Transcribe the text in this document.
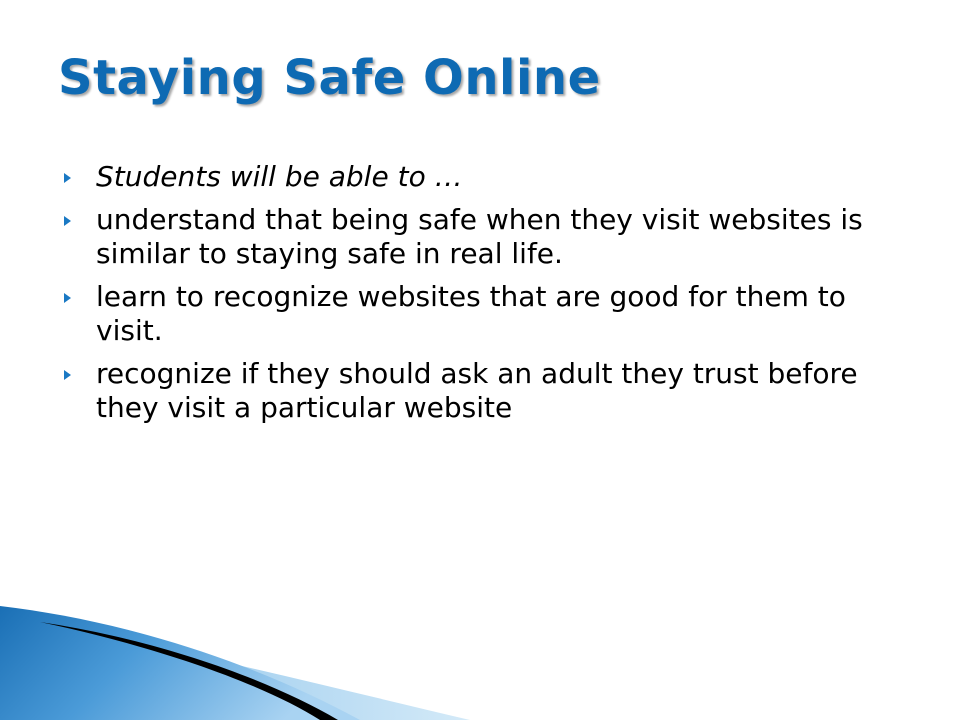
Staying Safe Online
Students will be able to …
understand that being safe when they visit websites is similar to staying safe in real life.
learn to recognize websites that are good for them to visit.
recognize if they should ask an adult they trust before they visit a particular website
